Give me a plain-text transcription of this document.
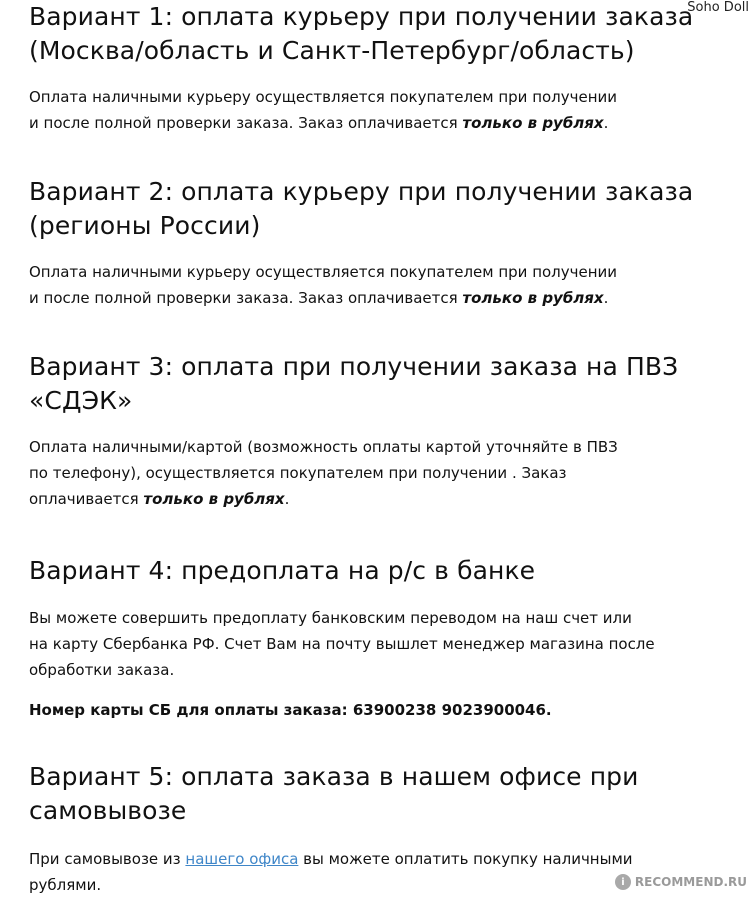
Soho Doll
Вариант 1: оплата курьеру при получении заказа
(Москва/область и Санкт-Петербург/область)

Оплата наличными курьеру осуществляется покупателем при получении
и после полной проверки заказа. Заказ оплачивается только в рублях.

Вариант 2: оплата курьеру при получении заказа
(регионы России)

Оплата наличными курьеру осуществляется покупателем при получении
и после полной проверки заказа. Заказ оплачивается только в рублях.

Вариант 3: оплата при получении заказа на ПВЗ
«СДЭК»

Оплата наличными/картой (возможность оплаты картой уточняйте в ПВЗ
по телефону), осуществляется покупателем при получении . Заказ
оплачивается только в рублях.

Вариант 4: предоплата на р/с в банке

Вы можете совершить предоплату банковским переводом на наш счет или
на карту Сбербанка РФ. Счет Вам на почту вышлет менеджер магазина после
обработки заказа.

Номер карты СБ для оплаты заказа: 63900238 9023900046.

Вариант 5: оплата заказа в нашем офисе при
самовывозе

При самовывозе из нашего офиса вы можете оплатить покупку наличными
рублями.	i RECOMMEND.RU
